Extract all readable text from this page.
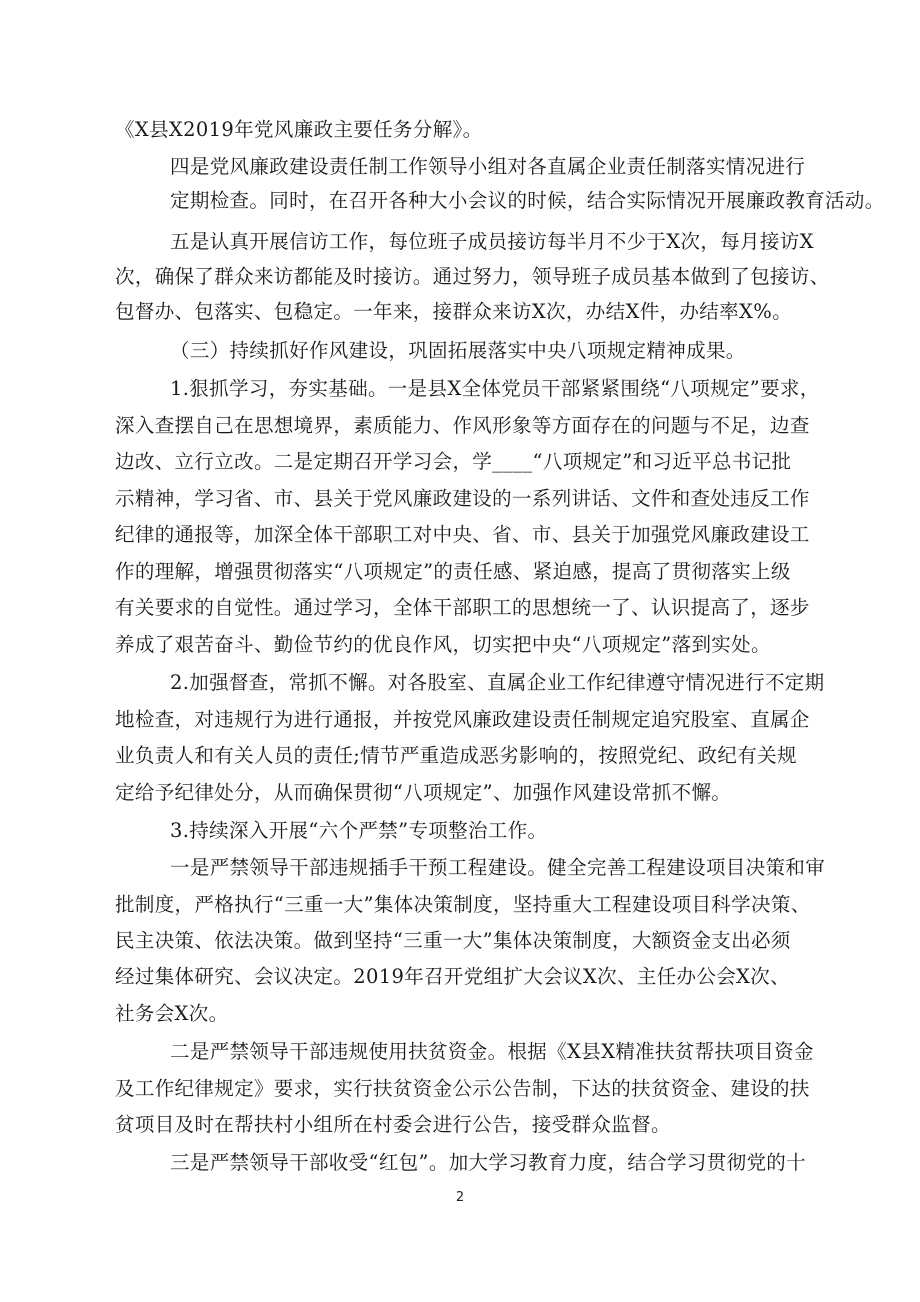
《X县X2019年党风廉政主要任务分解》。
四是党风廉政建设责任制工作领导小组对各直属企业责任制落实情况进行
定期检查。同时，在召开各种大小会议的时候，结合实际情况开展廉政教育活动。
五是认真开展信访工作，每位班子成员接访每半月不少于X次，每月接访X
次，确保了群众来访都能及时接访。通过努力，领导班子成员基本做到了包接访、
包督办、包落实、包稳定。一年来，接群众来访X次，办结X件，办结率X%。
（三）持续抓好作风建设，巩固拓展落实中央八项规定精神成果。
1.狠抓学习，夯实基础。一是县X全体党员干部紧紧围绕“八项规定”要求，
深入查摆自己在思想境界，素质能力、作风形象等方面存在的问题与不足，边查
边改、立行立改。二是定期召开学习会，学____“八项规定”和习近平总书记批
示精神，学习省、市、县关于党风廉政建设的一系列讲话、文件和查处违反工作
纪律的通报等，加深全体干部职工对中央、省、市、县关于加强党风廉政建设工
作的理解，增强贯彻落实“八项规定”的责任感、紧迫感，提高了贯彻落实上级
有关要求的自觉性。通过学习，全体干部职工的思想统一了、认识提高了，逐步
养成了艰苦奋斗、勤俭节约的优良作风，切实把中央“八项规定”落到实处。
2.加强督查，常抓不懈。对各股室、直属企业工作纪律遵守情况进行不定期
地检查，对违规行为进行通报，并按党风廉政建设责任制规定追究股室、直属企
业负责人和有关人员的责任;情节严重造成恶劣影响的，按照党纪、政纪有关规
定给予纪律处分，从而确保贯彻“八项规定”、加强作风建设常抓不懈。
3.持续深入开展“六个严禁”专项整治工作。
一是严禁领导干部违规插手干预工程建设。健全完善工程建设项目决策和审
批制度，严格执行“三重一大”集体决策制度，坚持重大工程建设项目科学决策、
民主决策、依法决策。做到坚持“三重一大”集体决策制度，大额资金支出必须
经过集体研究、会议决定。2019年召开党组扩大会议X次、主任办公会X次、
社务会X次。
二是严禁领导干部违规使用扶贫资金。根据《X县X精准扶贫帮扶项目资金
及工作纪律规定》要求，实行扶贫资金公示公告制，下达的扶贫资金、建设的扶
贫项目及时在帮扶村小组所在村委会进行公告，接受群众监督。
三是严禁领导干部收受“红包”。加大学习教育力度，结合学习贯彻党的十
2
